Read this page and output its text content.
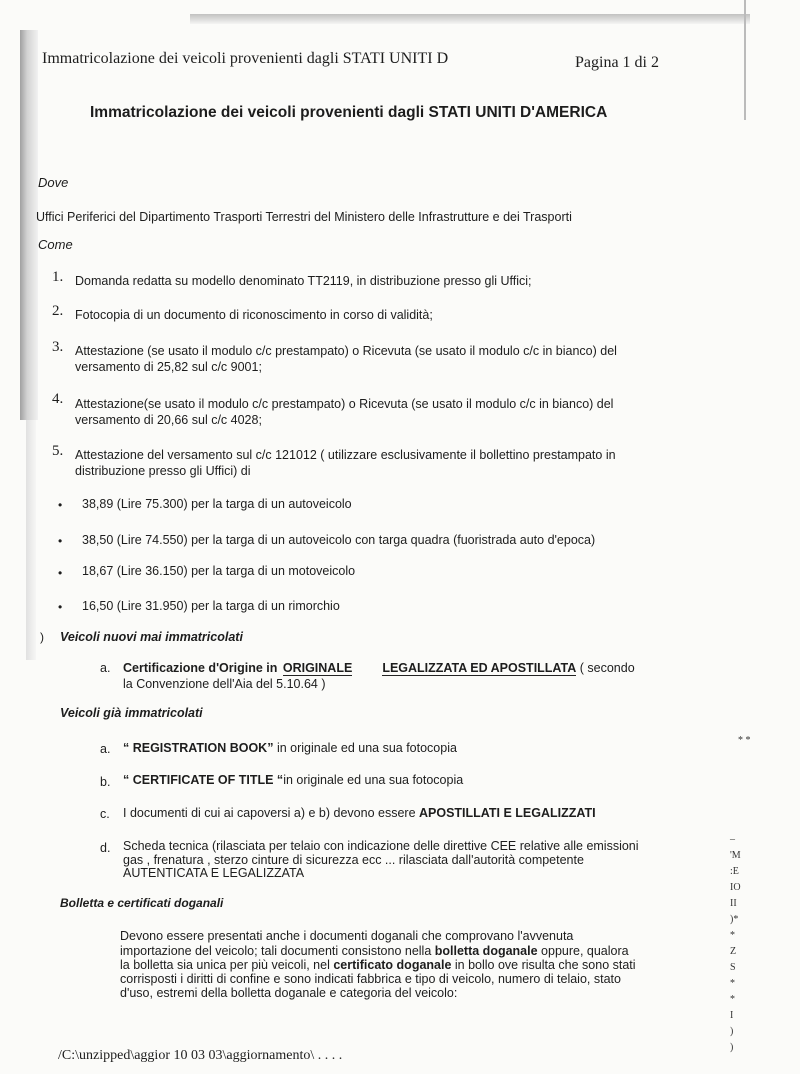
Immatricolazione dei veicoli provenienti dagli STATI UNITI D	Pagina 1 di 2
Immatricolazione dei veicoli provenienti dagli STATI UNITI D'AMERICA
Dove
Uffici Periferici del Dipartimento Trasporti Terrestri del Ministero delle Infrastrutture e dei Trasporti
Come
1. Domanda redatta su modello denominato TT2119, in distribuzione presso gli Uffici;
2. Fotocopia di un documento di riconoscimento in corso di validità;
3. Attestazione (se usato il modulo c/c prestampato) o Ricevuta (se usato il modulo c/c in bianco) del
versamento di 25,82 sul c/c 9001;
4. Attestazione(se usato il modulo c/c prestampato) o Ricevuta (se usato il modulo c/c in bianco) del
versamento di 20,66 sul c/c 4028;
5. Attestazione del versamento sul c/c 121012 ( utilizzare esclusivamente il bollettino prestampato in
distribuzione presso gli Uffici) di
• 38,89 (Lire 75.300) per la targa di un autoveicolo
• 38,50 (Lire 74.550) per la targa di un autoveicolo con targa quadra (fuoristrada auto d'epoca)
• 18,67 (Lire 36.150) per la targa di un motoveicolo
• 16,50 (Lire 31.950) per la targa di un rimorchio
) Veicoli nuovi mai immatricolati
a. Certificazione d'Origine in ORIGINALE LEGALIZZATA ED APOSTILLATA ( secondo
la Convenzione dell'Aia del 5.10.64 )
Veicoli già immatricolati
a. “ REGISTRATION BOOK” in originale ed una sua fotocopia
b. “ CERTIFICATE OF TITLE “in originale ed una sua fotocopia
c. I documenti di cui ai capoversi a) e b) devono essere APOSTILLATI E LEGALIZZATI
d. Scheda tecnica (rilasciata per telaio con indicazione delle direttive CEE relative alle emissioni
gas , frenatura , sterzo cinture di sicurezza ecc ... rilasciata dall'autorità competente
AUTENTICATA E LEGALIZZATA
Bolletta e certificati doganali
Devono essere presentati anche i documenti doganali che comprovano l'avvenuta
importazione del veicolo; tali documenti consistono nella bolletta doganale oppure, qualora
la bolletta sia unica per più veicoli, nel certificato doganale in bollo ove risulta che sono stati
corrisposti i diritti di confine e sono indicati fabbrica e tipo di veicolo, numero di telaio, stato
d'uso, estremi della bolletta doganale e categoria del veicolo:
* *
–
'M
:E
IO
II
)*
*
Z
S
*
*
I
)
)
/C:\unzipped\aggior 10 03 03\aggiornamento\ . . . .
